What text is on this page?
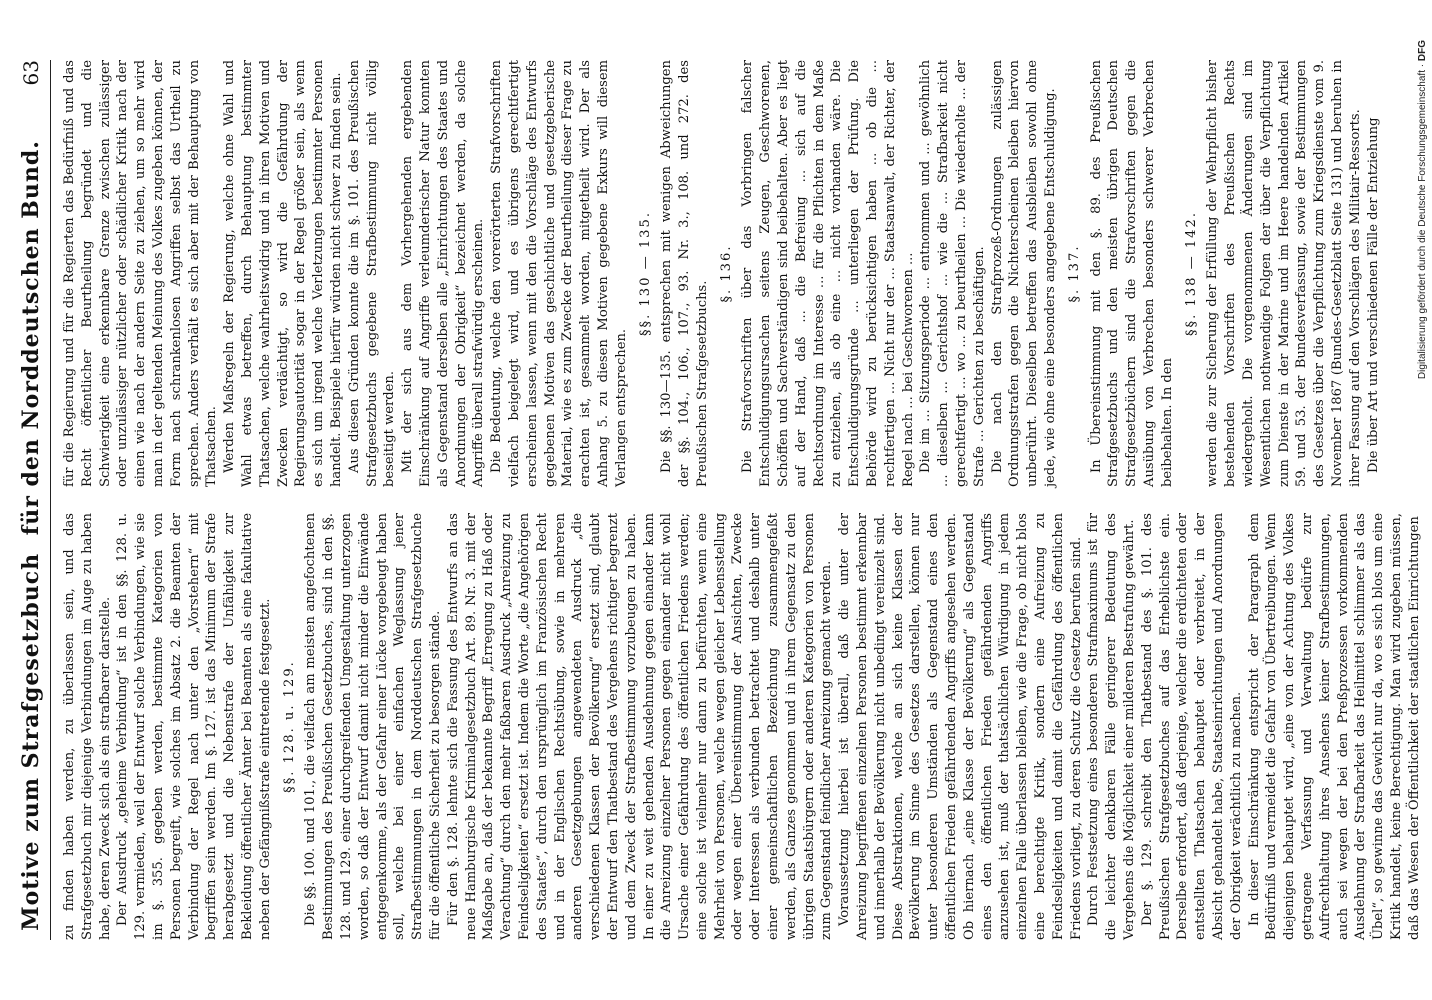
Motive zum Strafgesetzbuch
für den Norddeutschen Bund.
63

zu finden haben werden, zu überlassen sein, und das Strafgesetzbuch mir diejenige Verbindungen im Auge zu haben habe, deren Zweck sich als ein strafbarer darstelle. Der Ausdruck „geheime Verbindung“ ist in den §§. 128. u. 129. vermieden, weil der Entwurf solche Verbindungen, wie sie im §. 355. gegeben werden, bestimmte Kategorien von Personen begreift, wie solches im Absatz 2. die Beamten der Verbindung der Regel nach unter den „Vorstehern“ mit begriffen sein werden. Im §. 127. ist das Minimum der Strafe herabgesetzt und die Nebenstrafe der Unfähigkeit zur Bekleidung öffentlicher Ämter bei Beamten als eine fakultative neben der Gefängnißstrafe eintretende festgesetzt. §§. 128. u. 129. Die §§. 100. und 101., die vielfach am meisten angefochtenen Bestimmungen des Preußischen Gesetzbuches, sind in den §§. 128. und 129. einer durchgreifenden Umgestaltung unterzogen worden, so daß der Entwurf damit nicht minder die Einwände entgegenkomme, als der Gefahr einer Lücke vorgebeugt haben soll, welche bei einer einfachen Weglassung jener Strafbestimmungen in dem Norddeutschen Strafgesetzbuche für die öffentliche Sicherheit zu besorgen stände. Für den §. 128. lehnte sich die Fassung des Entwurfs an das neue Hamburgische Kriminalgesetzbuch Art. 89. Nr. 3. mit der Maßgabe an, daß der bekannte Begriff „Erregung zu Haß oder Verachtung“ durch den mehr faßbaren Ausdruck „Anreizung zu Feindseligkeiten“ ersetzt ist. Indem die Worte „die Angehörigen des Staates“, durch den ursprünglich im Französischen Recht und in der Englischen Rechtsübung, sowie in mehreren anderen Gesetzgebungen angewendeten Ausdruck „die verschiedenen Klassen der Bevölkerung“ ersetzt sind, glaubt der Entwurf den Thatbestand des Vergehens richtiger begrenzt und dem Zweck der Strafbestimmung vorzubeugen zu haben. In einer zu weit gehenden Ausdehnung gegen einander kann die Anreizung einzelner Personen gegen einander nicht wohl Ursache einer Gefährdung des öffentlichen Friedens werden; eine solche ist vielmehr nur dann zu befürchten, wenn eine Mehrheit von Personen, welche wegen gleicher Lebensstellung oder wegen einer Übereinstimmung der Ansichten, Zwecke oder Interessen als verbunden betrachtet und deshalb unter einer gemeinschaftlichen Bezeichnung zusammengefaßt werden, als Ganzes genommen und in ihrem Gegensatz zu den übrigen Staatsbürgern oder anderen Kategorien von Personen zum Gegenstand feindlicher Anreizung gemacht werden. Voraussetzung hierbei ist überall, daß die unter der Anreizung begriffenen einzelnen Personen bestimmt erkennbar und innerhalb der Bevölkerung nicht unbedingt vereinzelt sind. Diese Abstraktionen, welche an sich keine Klassen der Bevölkerung im Sinne des Gesetzes darstellen, können nur unter besonderen Umständen als Gegenstand eines den öffentlichen Frieden gefährdenden Angriffs angesehen werden. Ob hiernach „eine Klasse der Bevölkerung“ als Gegenstand eines den öffentlichen Frieden gefährdenden Angriffs anzusehen ist, muß der thatsächlichen Würdigung in jedem einzelnen Falle überlassen bleiben, wie die Frage, ob nicht blos eine berechtigte Kritik, sondern eine Aufreizung zu Feindseligkeiten und damit die Gefährdung des öffentlichen Friedens vorliegt, zu deren Schutz die Gesetze berufen sind. Durch Festsetzung eines besonderen Strafmaximums ist für die leichter denkbaren Fälle geringerer Bedeutung des Vergehens die Möglichkeit einer milderen Bestrafung gewährt. Der §. 129. schreibt den Thatbestand des §. 101. des Preußischen Strafgesetzbuches auf das Erheblichste ein. Derselbe erfordert, daß derjenige, welcher die erdichteten oder entstellten Thatsachen behauptet oder verbreitet, in der Absicht gehandelt habe, Staatseinrichtungen und Anordnungen der Obrigkeit verächtlich zu machen. In dieser Einschränkung entspricht der Paragraph dem Bedürfniß und vermeidet die Gefahr von Übertreibungen. Wenn diejenigen behauptet wird, „eine von der Achtung des Volkes getragene Verfassung und Verwaltung bedürfe zur Aufrechthaltung ihres Ansehens keiner Strafbestimmungen, auch sei wegen der bei den Preßprozessen vorkommenden Ausdehnung der Strafbarkeit das Heilmittel schlimmer als das Übel“, so gewinne das Gewicht nur da, wo es sich blos um eine Kritik handelt, keine Berechtigung. Man wird zugeben müssen, daß das Wesen der Öffentlichkeit der staatlichen Einrichtungen

für die Regierung und für die Regierten das Bedürfniß und das Recht öffentlicher Beurtheilung begründet und die Schwierigkeit eine erkennbare Grenze zwischen zulässiger oder unzulässiger nützlicher oder schädlicher Kritik nach der einen wie nach der andern Seite zu ziehen, um so mehr wird man in der geltenden Meinung des Volkes zugeben können, der Form nach schrankenlosen Angriffen selbst das Urtheil zu sprechen. Anders verhält es sich aber mit der Behauptung von Thatsachen. Werden Maßregeln der Regierung, welche ohne Wahl und Wahl etwas betreffen, durch Behauptung bestimmter Thatsachen, welche wahrheitswidrig und in ihren Motiven und Zwecken verdächtigt, so wird die Gefährdung der Regierungsautorität sogar in der Regel größer sein, als wenn es sich um irgend welche Verletzungen bestimmter Personen handelt. Beispiele hierfür würden nicht schwer zu finden sein. Aus diesen Gründen konnte die im §. 101. des Preußischen Strafgesetzbuchs gegebene Strafbestimmung nicht völlig beseitigt werden. Mit der sich aus dem Vorhergehenden ergebenden Einschränkung auf Angriffe verleumderischer Natur konnten als Gegenstand derselben alle „Einrichtungen des Staates und Anordnungen der Obrigkeit“ bezeichnet werden, da solche Angriffe überall strafwürdig erscheinen. Die Bedeutung, welche den vorerörterten Strafvorschriften vielfach beigelegt wird, und es übrigens gerechtfertigt erscheinen lassen, wenn mit den die Vorschläge des Entwurfs gegebenen Motiven das geschichtliche und gesetzgeberische Material, wie es zum Zwecke der Beurtheilung dieser Frage zu erachten ist, gesammelt worden, mitgetheilt wird. Der als Anhang 5. zu diesen Motiven gegebene Exkurs will diesem Verlangen entsprechen.

§§. 130 — 135. Die §§. 130—135. entsprechen mit wenigen Abweichungen der §§. 104., 106., 107., 93. Nr. 3., 108. und 272. des Preußischen Strafgesetzbuchs.

§. 136. Die Strafvorschriften über das Vorbringen falscher Entschuldigungsursachen seitens Zeugen, Geschworenen, Schöffen und Sachverständigen sind beibehalten. Aber es liegt auf der Hand, daß ... die Befreiung ... sich auf die Rechtsordnung im Interesse ... für die Pflichten in dem Maße zu entziehen, als ob eine ... nicht vorhanden wäre. Die Entschuldigungsgründe ... unterliegen der Prüfung. Die Behörde wird zu berücksichtigen haben ... ob die ... rechtfertigen ... Nicht nur der ... Staatsanwalt, der Richter, der Regel nach ... bei Geschworenen ... Die im ... Sitzungsperiode ... entnommen und ... gewöhnlich ... dieselben ... Gerichtshof ... wie die ... Strafbarkeit nicht gerechtfertigt ... wo ... zu beurtheilen ... Die wiederholte ... der Strafe ... Gerichten zu beschäftigen. Die nach den Strafprozeß-Ordnungen zulässigen Ordnungsstrafen gegen die Nichterscheinen bleiben hiervon unberührt. Dieselben betreffen das Ausbleiben sowohl ohne jede, wie ohne eine besonders angegebene Entschuldigung. §. 137. In Übereinstimmung mit den §. 89. des Preußischen Strafgesetzbuchs und den meisten übrigen Deutschen Strafgesetzbüchern sind die Strafvorschriften gegen die Ausübung von Verbrechen besonders schwerer Verbrechen beibehalten. In den

§§. 138 — 142. werden die zur Sicherung der Erfüllung der Wehrpflicht bisher bestehenden Vorschriften des Preußischen Rechts wiedergeholt. Die vorgenommenen Änderungen sind im Wesentlichen nothwendige Folgen der über die Verpflichtung zum Dienste in der Marine und im Heere handelnden Artikel 59. und 53. der Bundesverfassung, sowie der Bestimmungen des Gesetzes über die Verpflichtung zum Kriegsdienste vom 9. November 1867 (Bundes-Gesetzblatt Seite 131) und beruhen in ihrer Fassung auf den Vorschlägen des Militair-Ressorts. Die über Art und verschiedenen Fälle der Entziehung	Digitalisierung gefördert durch die Deutsche Forschungsgemeinschaft · DFG
